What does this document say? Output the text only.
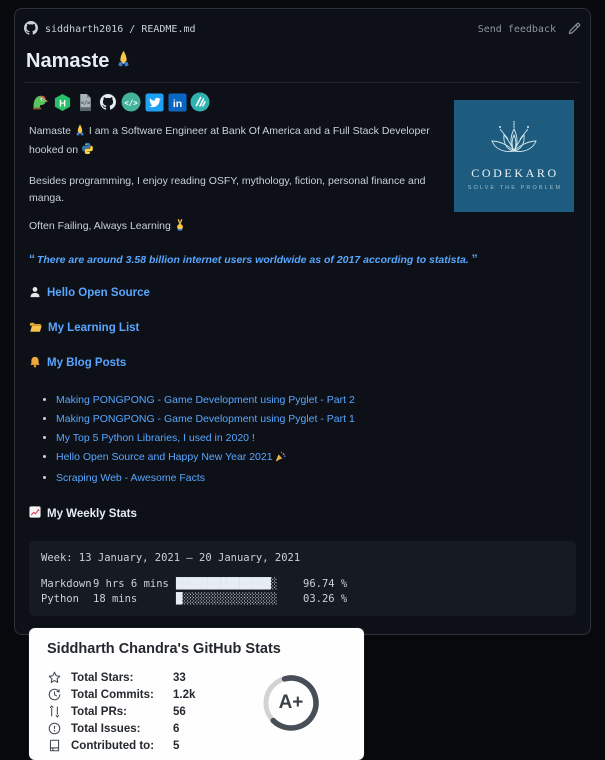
siddharth2016 / README.md	Send feedback
Namaste
CODEKARO
SOLVE THE PROBLEM
H	</>	</>	in

Namaste I am a Software Engineer at Bank Of America and a Full Stack Developer hooked on

Besides programming, I enjoy reading OSFY, mythology, fiction, personal finance and manga.

Often Failing, Always Learning

“ There are around 3.58 billion internet users worldwide as of 2017 according to statista. ”

Hello Open Source
My Learning List
My Blog Posts
• Making PONGPONG - Game Development using Pyglet - Part 2
• Making PONGPONG - Game Development using Pyglet - Part 1
• My Top 5 Python Libraries, I used in 2020 !
• Hello Open Source and Happy New Year 2021
• Scraping Web - Awesome Facts
My Weekly Stats
Week: 13 January, 2021 – 20 January, 2021
Markdown 9 hrs 6 mins ███████████████░	96.74 %
Python	18 mins	█░░░░░░░░░░░░░░░	03.26 %
Siddharth Chandra's GitHub Stats
Total Stars:	33
Total Commits:	1.2k
Total PRs:	56
Total Issues:	6
Contributed to:	5
A+
